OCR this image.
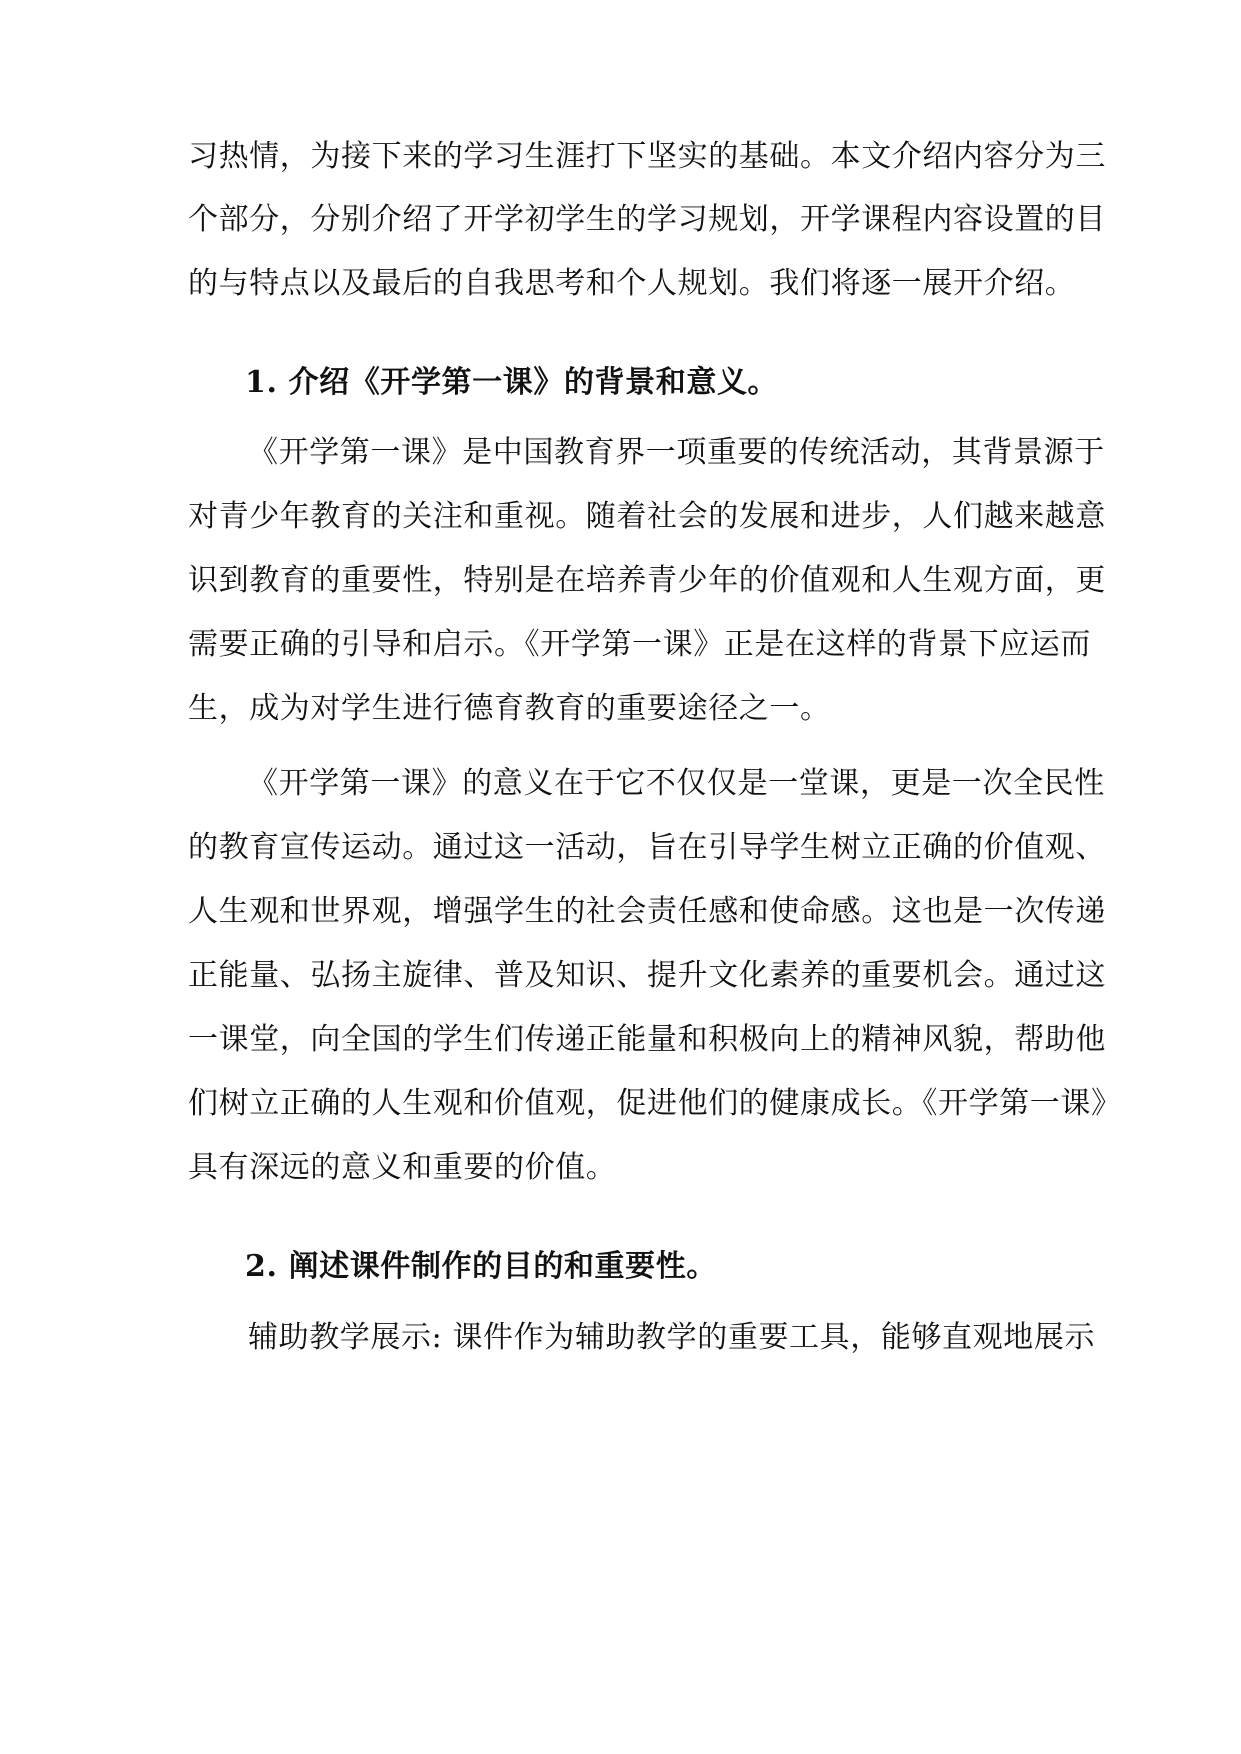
习热情，为接下来的学习生涯打下坚实的基础。本文介绍内容分为三
个部分，分别介绍了开学初学生的学习规划，开学课程内容设置的目
的与特点以及最后的自我思考和个人规划。我们将逐一展开介绍。
1. 介绍《开学第一课》的背景和意义。
《开学第一课》是中国教育界一项重要的传统活动，其背景源于
对青少年教育的关注和重视。随着社会的发展和进步，人们越来越意
识到教育的重要性，特别是在培养青少年的价值观和人生观方面，更
需要正确的引导和启示。《开学第一课》正是在这样的背景下应运而
生，成为对学生进行德育教育的重要途径之一。
《开学第一课》的意义在于它不仅仅是一堂课，更是一次全民性
的教育宣传运动。通过这一活动，旨在引导学生树立正确的价值观、
人生观和世界观，增强学生的社会责任感和使命感。这也是一次传递
正能量、弘扬主旋律、普及知识、提升文化素养的重要机会。通过这
一课堂，向全国的学生们传递正能量和积极向上的精神风貌，帮助他
们树立正确的人生观和价值观，促进他们的健康成长。《开学第一课》
具有深远的意义和重要的价值。
2. 阐述课件制作的目的和重要性。
辅助教学展示: 课件作为辅助教学的重要工具，能够直观地展示
